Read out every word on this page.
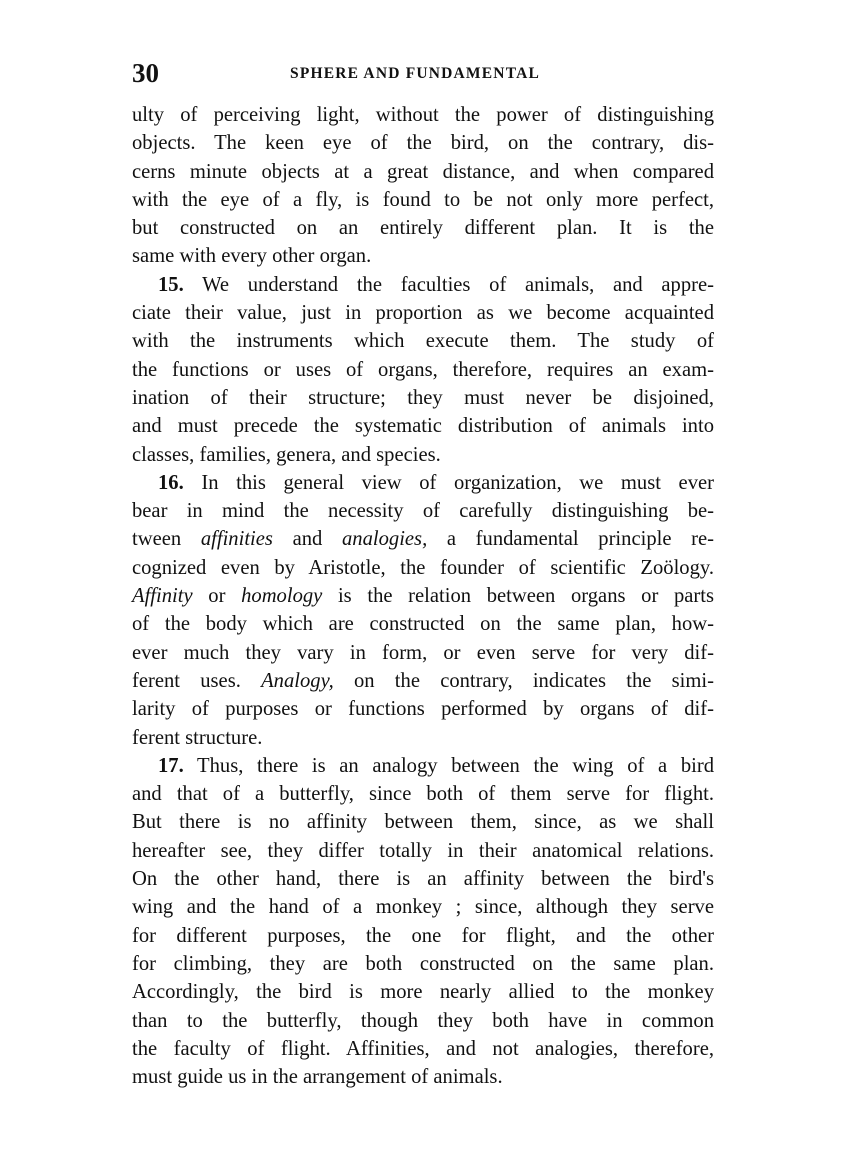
30	SPHERE AND FUNDAMENTAL
ulty of perceiving light, without the power of distinguishing
objects. The keen eye of the bird, on the contrary, dis-
cerns minute objects at a great distance, and when compared
with the eye of a fly, is found to be not only more perfect,
but constructed on an entirely different plan. It is the
same with every other organ.
15. We understand the faculties of animals, and appre-
ciate their value, just in proportion as we become acquainted
with the instruments which execute them. The study of
the functions or uses of organs, therefore, requires an exam-
ination of their structure; they must never be disjoined,
and must precede the systematic distribution of animals into
classes, families, genera, and species.
16. In this general view of organization, we must ever
bear in mind the necessity of carefully distinguishing be-
tween affinities and analogies, a fundamental principle re-
cognized even by Aristotle, the founder of scientific Zoölogy.
Affinity or homology is the relation between organs or parts
of the body which are constructed on the same plan, how-
ever much they vary in form, or even serve for very dif-
ferent uses. Analogy, on the contrary, indicates the simi-
larity of purposes or functions performed by organs of dif-
ferent structure.
17. Thus, there is an analogy between the wing of a bird
and that of a butterfly, since both of them serve for flight.
But there is no affinity between them, since, as we shall
hereafter see, they differ totally in their anatomical relations.
On the other hand, there is an affinity between the bird's
wing and the hand of a monkey ; since, although they serve
for different purposes, the one for flight, and the other
for climbing, they are both constructed on the same plan.
Accordingly, the bird is more nearly allied to the monkey
than to the butterfly, though they both have in common
the faculty of flight. Affinities, and not analogies, therefore,
must guide us in the arrangement of animals.
